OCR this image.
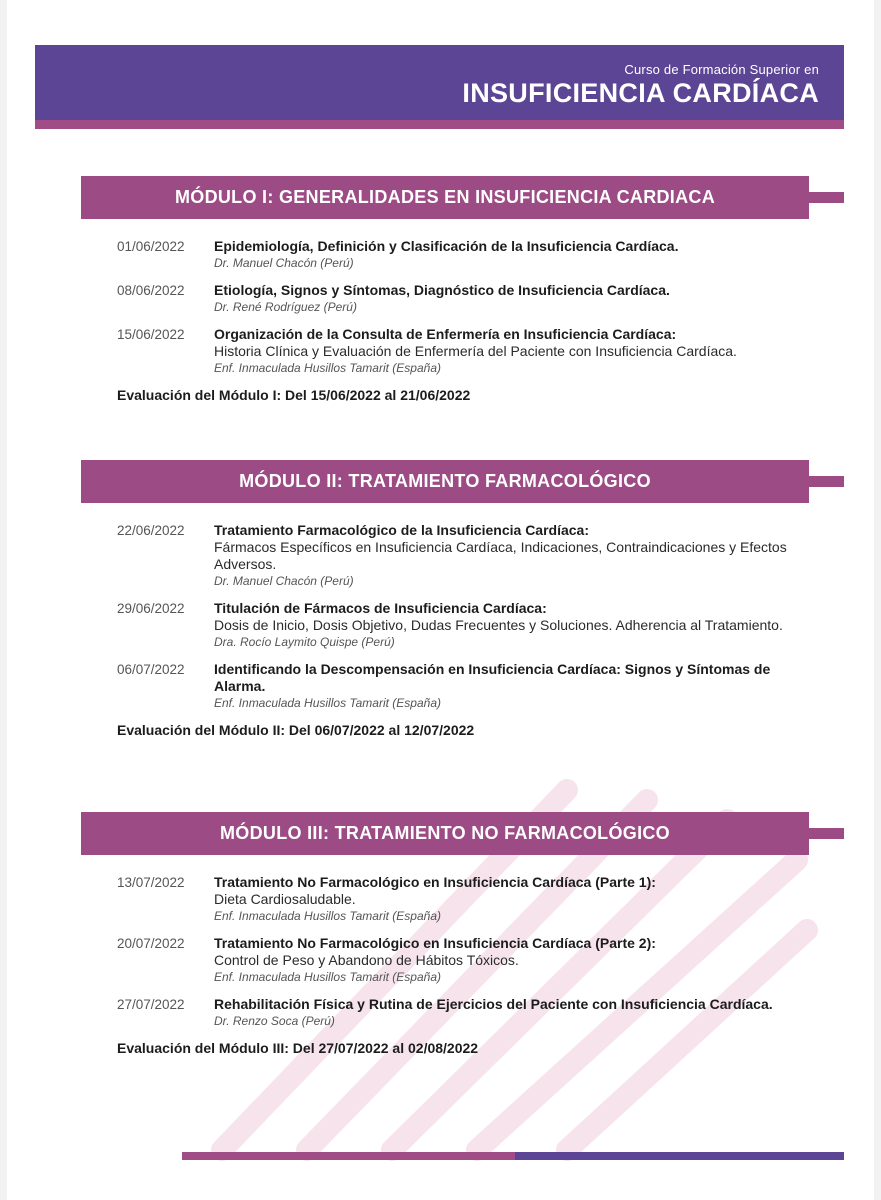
Curso de Formación Superior en
INSUFICIENCIA CARDÍACA
MÓDULO I: GENERALIDADES EN INSUFICIENCIA CARDIACA
01/06/2022	Epidemiología, Definición y Clasificación de la Insuficiencia Cardíaca.
Dr. Manuel Chacón (Perú)
08/06/2022	Etiología, Signos y Síntomas, Diagnóstico de Insuficiencia Cardíaca.
Dr. René Rodríguez (Perú)
15/06/2022	Organización de la Consulta de Enfermería en Insuficiencia Cardíaca:
Historia Clínica y Evaluación de Enfermería del Paciente con Insuficiencia Cardíaca.
Enf. Inmaculada Husillos Tamarit (España)
Evaluación del Módulo I: Del 15/06/2022 al 21/06/2022
MÓDULO II: TRATAMIENTO FARMACOLÓGICO
22/06/2022	Tratamiento Farmacológico de la Insuficiencia Cardíaca:
Fármacos Específicos en Insuficiencia Cardíaca, Indicaciones, Contraindicaciones y Efectos Adversos.
Dr. Manuel Chacón (Perú)
29/06/2022	Titulación de Fármacos de Insuficiencia Cardíaca:
Dosis de Inicio, Dosis Objetivo, Dudas Frecuentes y Soluciones. Adherencia al Tratamiento.
Dra. Rocío Laymito Quispe (Perú)
06/07/2022	Identificando la Descompensación en Insuficiencia Cardíaca: Signos y Síntomas de Alarma.
Enf. Inmaculada Husillos Tamarit (España)
Evaluación del Módulo II: Del 06/07/2022 al 12/07/2022
MÓDULO III: TRATAMIENTO NO FARMACOLÓGICO
13/07/2022	Tratamiento No Farmacológico en Insuficiencia Cardíaca (Parte 1):
Dieta Cardiosaludable.
Enf. Inmaculada Husillos Tamarit (España)
20/07/2022	Tratamiento No Farmacológico en Insuficiencia Cardíaca (Parte 2):
Control de Peso y Abandono de Hábitos Tóxicos.
Enf. Inmaculada Husillos Tamarit (España)
27/07/2022	Rehabilitación Física y Rutina de Ejercicios del Paciente con Insuficiencia Cardíaca.
Dr. Renzo Soca (Perú)
Evaluación del Módulo III: Del 27/07/2022 al 02/08/2022
